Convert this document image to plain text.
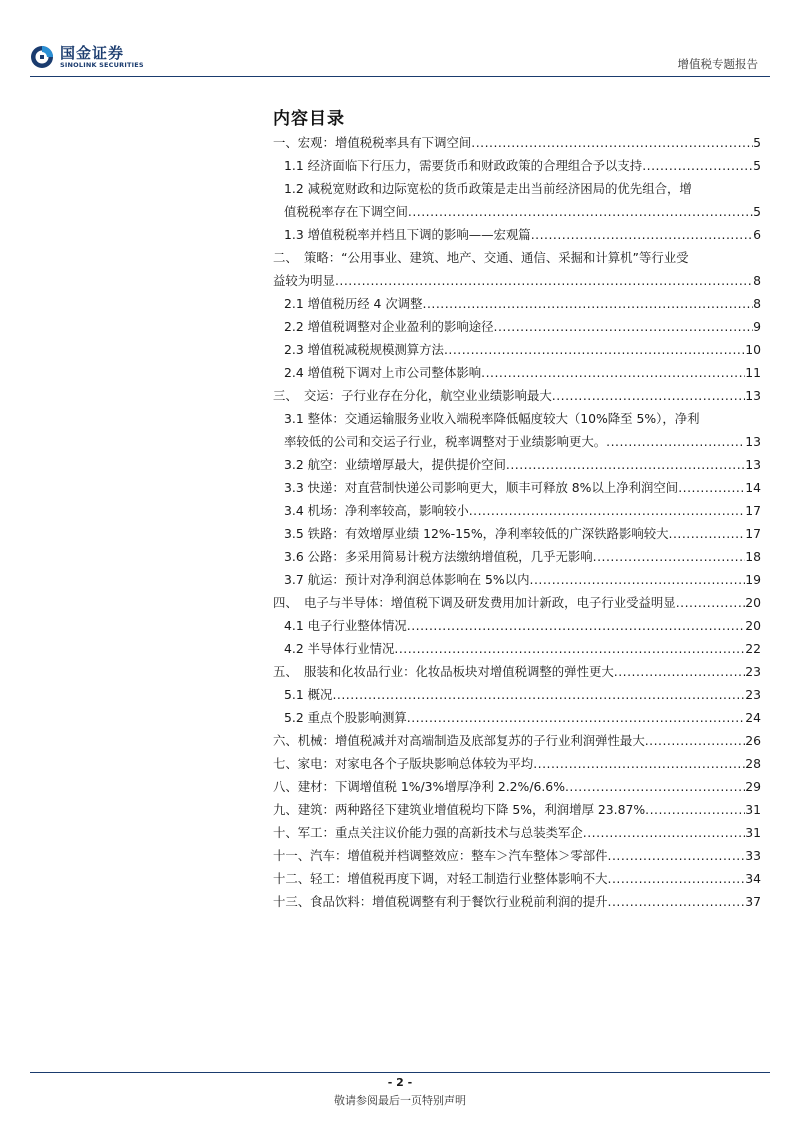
国金证券
SINOLINK SECURITIES	增值税专题报告
内容目录
一、宏观：增值税税率具有下调空间 .....	5
1.1 经济面临下行压力，需要货币和财政政策的合理组合予以支持 .....	5
1.2 减税宽财政和边际宽松的货币政策是走出当前经济困局的优先组合，增
值税税率存在下调空间 .....	5
1.3 增值税税率并档且下调的影响——宏观篇 .....	6
二、　策略：“公用事业、建筑、地产、交通、通信、采掘和计算机”等行业受
益较为明显 .....	8
2.1 增值税历经 4 次调整 .....	8
2.2 增值税调整对企业盈利的影响途径 .....	9
2.3 增值税减税规模测算方法 .....	10
2.4 增值税下调对上市公司整体影响 .....	11
三、　交运：子行业存在分化，航空业业绩影响最大 .....	13
3.1 整体：交通运输服务业收入端税率降低幅度较大（10%降至 5%），净利
率较低的公司和交运子行业，税率调整对于业绩影响更大。 .....	13
3.2 航空：业绩增厚最大，提供提价空间 .....	13
3.3 快递：对直营制快递公司影响更大，顺丰可释放 8%以上净利润空间 .....	14
3.4 机场：净利率较高，影响较小 .....	17
3.5 铁路：有效增厚业绩 12%-15%，净利率较低的广深铁路影响较大 .....	17
3.6 公路：多采用简易计税方法缴纳增值税，几乎无影响 .....	18
3.7 航运：预计对净利润总体影响在 5%以内 .....	19
四、　电子与半导体：增值税下调及研发费用加计新政，电子行业受益明显 .....	20
4.1 电子行业整体情况 .....	20
4.2 半导体行业情况 .....	22
五、　服装和化妆品行业：化妆品板块对增值税调整的弹性更大 .....	23
5.1 概况 .....	23
5.2 重点个股影响测算 .....	24
六、机械：增值税减并对高端制造及底部复苏的子行业利润弹性最大 .....	26
七、家电：对家电各个子版块影响总体较为平均 .....	28
八、建材：下调增值税 1%/3%增厚净利 2.2%/6.6% .....	29
九、建筑：两种路径下建筑业增值税均下降 5%，利润增厚 23.87% .....	31
十、军工：重点关注议价能力强的高新技术与总装类军企 .....	31
十一、汽车：增值税并档调整效应：整车＞汽车整体＞零部件 .....	33
十二、轻工：增值税再度下调，对轻工制造行业整体影响不大 .....	34
十三、食品饮料：增值税调整有利于餐饮行业税前利润的提升 .....	37
- 2 -
敬请参阅最后一页特别声明
